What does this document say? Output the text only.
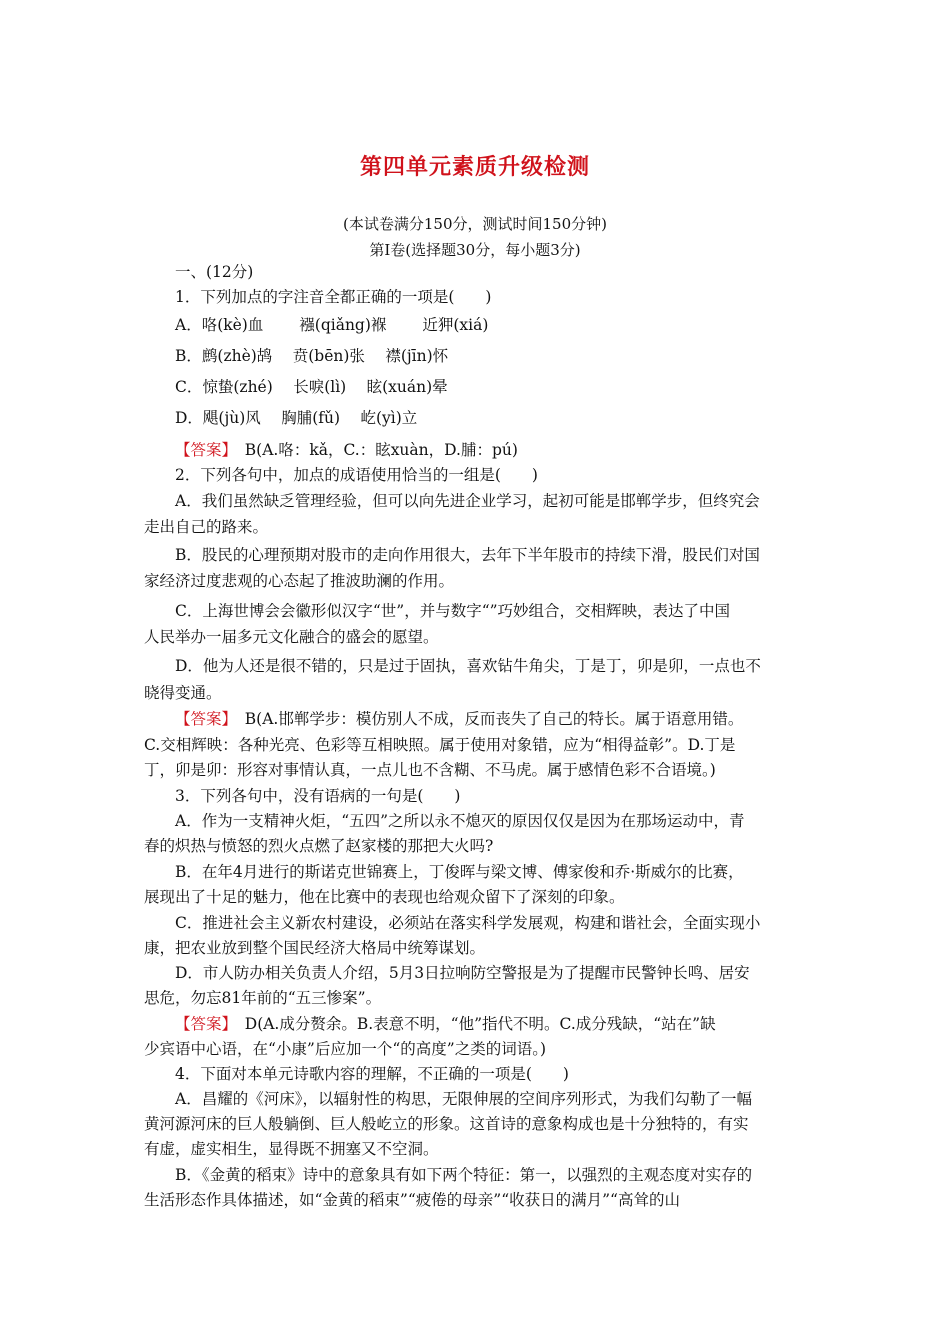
第四单元素质升级检测
(本试卷满分150分，测试时间150分钟)
第Ⅰ卷(选择题30分，每小题3分)
一、(12分)
1．下列加点的字注音全都正确的一项是(　　)
A．咯(kè)血　　 襁(qiǎng)褓　　 近狎(xiá)
B．鹧(zhè)鸪　 贲(bēn)张　 襟(jīn)怀
C．惊蛰(zhé)　 长唳(lì)　 眩(xuán)晕
D．飓(jù)风　 胸脯(fǔ)　 屹(yì)立
【答案】　B(A.咯：kǎ，C.：眩xuàn，D.脯：pú)
2．下列各句中，加点的成语使用恰当的一组是(　　)
A．我们虽然缺乏管理经验，但可以向先进企业学习，起初可能是邯郸学步，但终究会
走出自己的路来。
B．股民的心理预期对股市的走向作用很大，去年下半年股市的持续下滑，股民们对国
家经济过度悲观的心态起了推波助澜的作用。
C．上海世博会会徽形似汉字“世”，并与数字“”巧妙组合，交相辉映，表达了中国
人民举办一届多元文化融合的盛会的愿望。
D．他为人还是很不错的，只是过于固执，喜欢钻牛角尖，丁是丁，卯是卯，一点也不
晓得变通。
【答案】　B(A.邯郸学步：模仿别人不成，反而丧失了自己的特长。属于语意用错。
C.交相辉映：各种光亮、色彩等互相映照。属于使用对象错，应为“相得益彰”。D.丁是
丁，卯是卯：形容对事情认真，一点儿也不含糊、不马虎。属于感情色彩不合语境。)
3．下列各句中，没有语病的一句是(　　)
A．作为一支精神火炬，“五四”之所以永不熄灭的原因仅仅是因为在那场运动中，青
春的炽热与愤怒的烈火点燃了赵家楼的那把大火吗?
B．在年4月进行的斯诺克世锦赛上，丁俊晖与梁文博、傅家俊和乔·斯威尔的比赛，
展现出了十足的魅力，他在比赛中的表现也给观众留下了深刻的印象。
C．推进社会主义新农村建设，必须站在落实科学发展观，构建和谐社会，全面实现小
康，把农业放到整个国民经济大格局中统筹谋划。
D．市人防办相关负责人介绍，5月3日拉响防空警报是为了提醒市民警钟长鸣、居安
思危，勿忘81年前的“五三惨案”。
【答案】　D(A.成分赘余。B.表意不明，“他”指代不明。C.成分残缺，“站在”缺
少宾语中心语，在“小康”后应加一个“的高度”之类的词语。)
4．下面对本单元诗歌内容的理解，不正确的一项是(　　)
A．昌耀的《河床》，以辐射性的构思，无限伸展的空间序列形式，为我们勾勒了一幅
黄河源河床的巨人般躺倒、巨人般屹立的形象。这首诗的意象构成也是十分独特的，有实
有虚，虚实相生，显得既不拥塞又不空洞。
B．《金黄的稻束》诗中的意象具有如下两个特征：第一，以强烈的主观态度对实存的
生活形态作具体描述，如“金黄的稻束”“疲倦的母亲”“收获日的满月”“高耸的山
